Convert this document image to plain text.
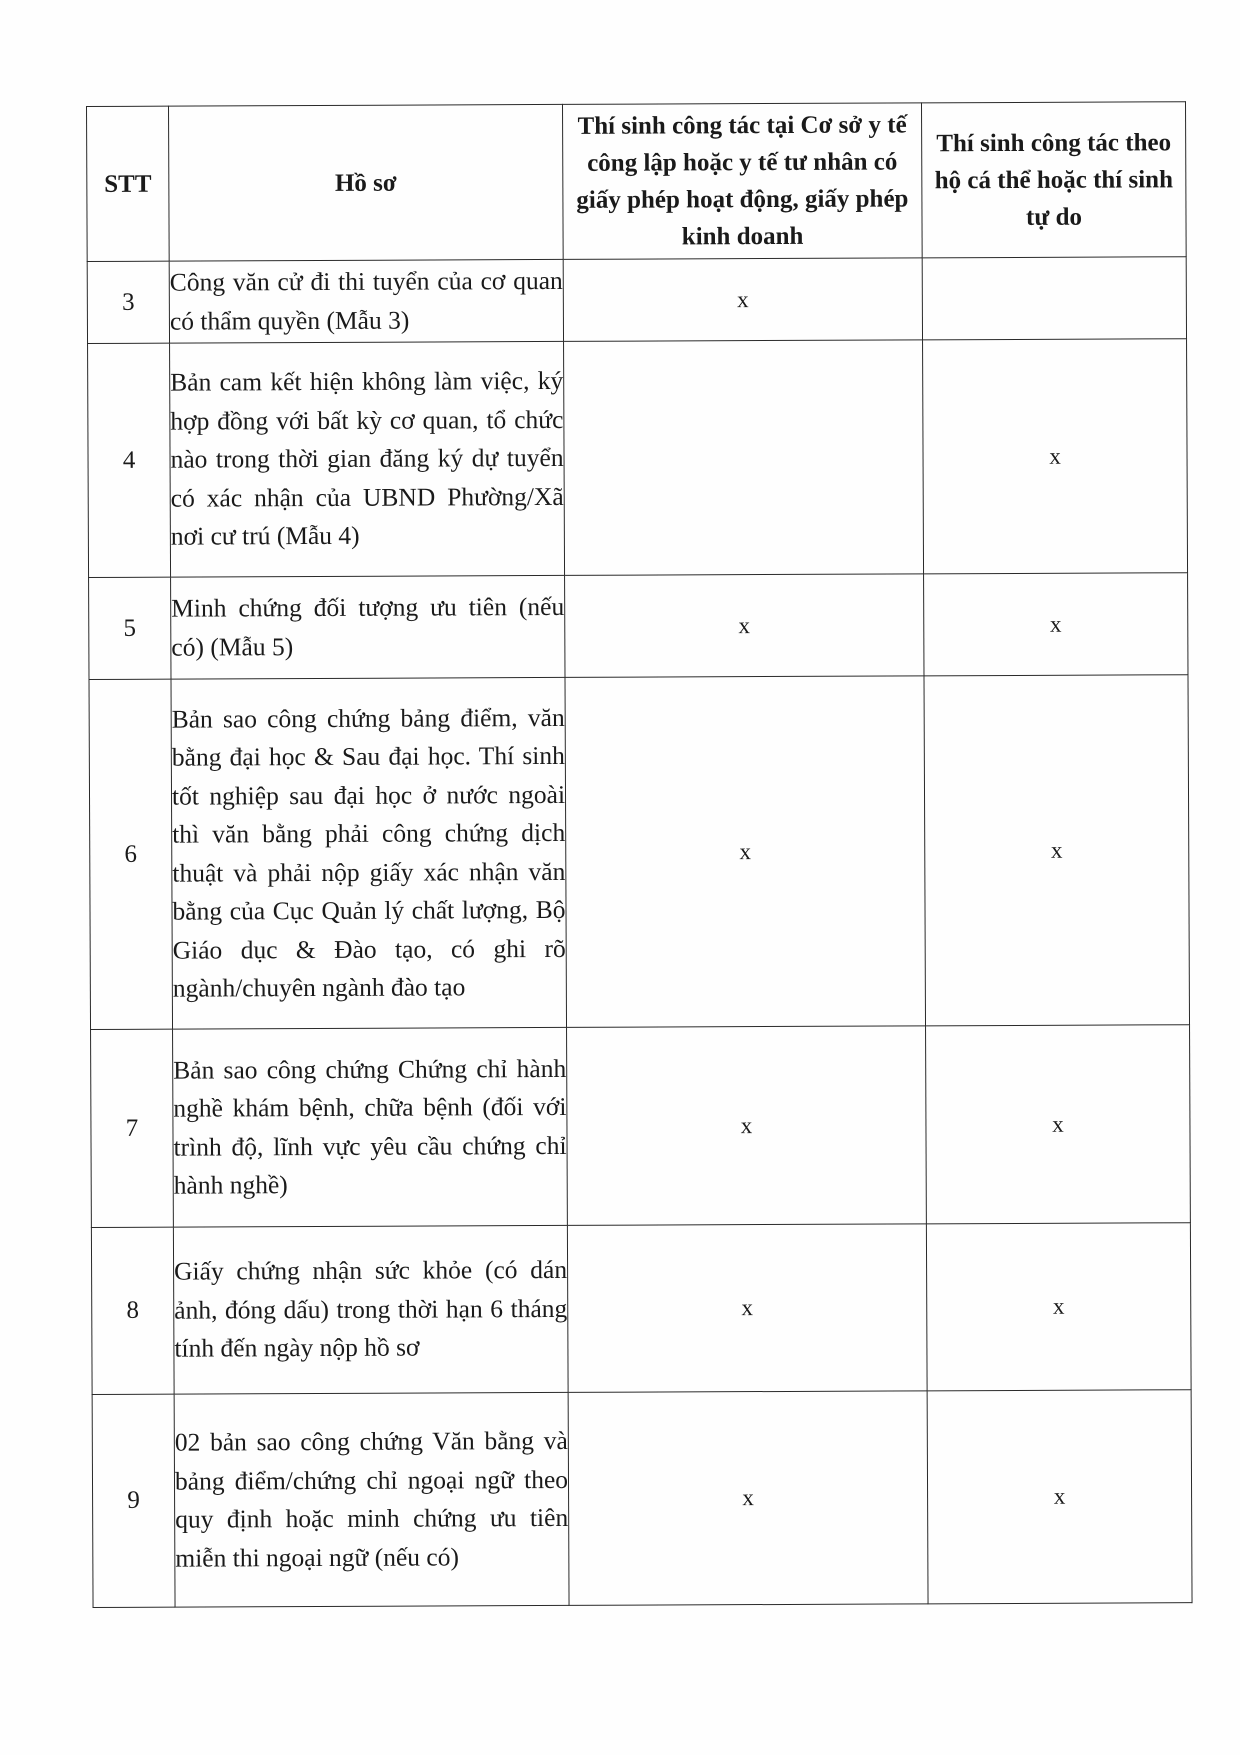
STT	Hồ sơ	Thí sinh công tác tại Cơ sở y tế công lập hoặc y tế tư nhân có giấy phép hoạt động, giấy phép kinh doanh	Thí sinh công tác theo hộ cá thể hoặc thí sinh tự do
3	Công văn cử đi thi tuyển của cơ quan có thẩm quyền (Mẫu 3)	x	
4	Bản cam kết hiện không làm việc, ký hợp đồng với bất kỳ cơ quan, tổ chức nào trong thời gian đăng ký dự tuyển có xác nhận của UBND Phường/Xã nơi cư trú (Mẫu 4)		x
5	Minh chứng đối tượng ưu tiên (nếu có) (Mẫu 5)	x	x
6	Bản sao công chứng bảng điểm, văn bằng đại học & Sau đại học. Thí sinh tốt nghiệp sau đại học ở nước ngoài thì văn bằng phải công chứng dịch thuật và phải nộp giấy xác nhận văn bằng của Cục Quản lý chất lượng, Bộ Giáo dục & Đào tạo, có ghi rõ ngành/chuyên ngành đào tạo	x	x
7	Bản sao công chứng Chứng chỉ hành nghề khám bệnh, chữa bệnh (đối với trình độ, lĩnh vực yêu cầu chứng chỉ hành nghề)	x	x
8	Giấy chứng nhận sức khỏe (có dán ảnh, đóng dấu) trong thời hạn 6 tháng tính đến ngày nộp hồ sơ	x	x
9	02 bản sao công chứng Văn bằng và bảng điểm/chứng chỉ ngoại ngữ theo quy định hoặc minh chứng ưu tiên miễn thi ngoại ngữ (nếu có)	x	x
